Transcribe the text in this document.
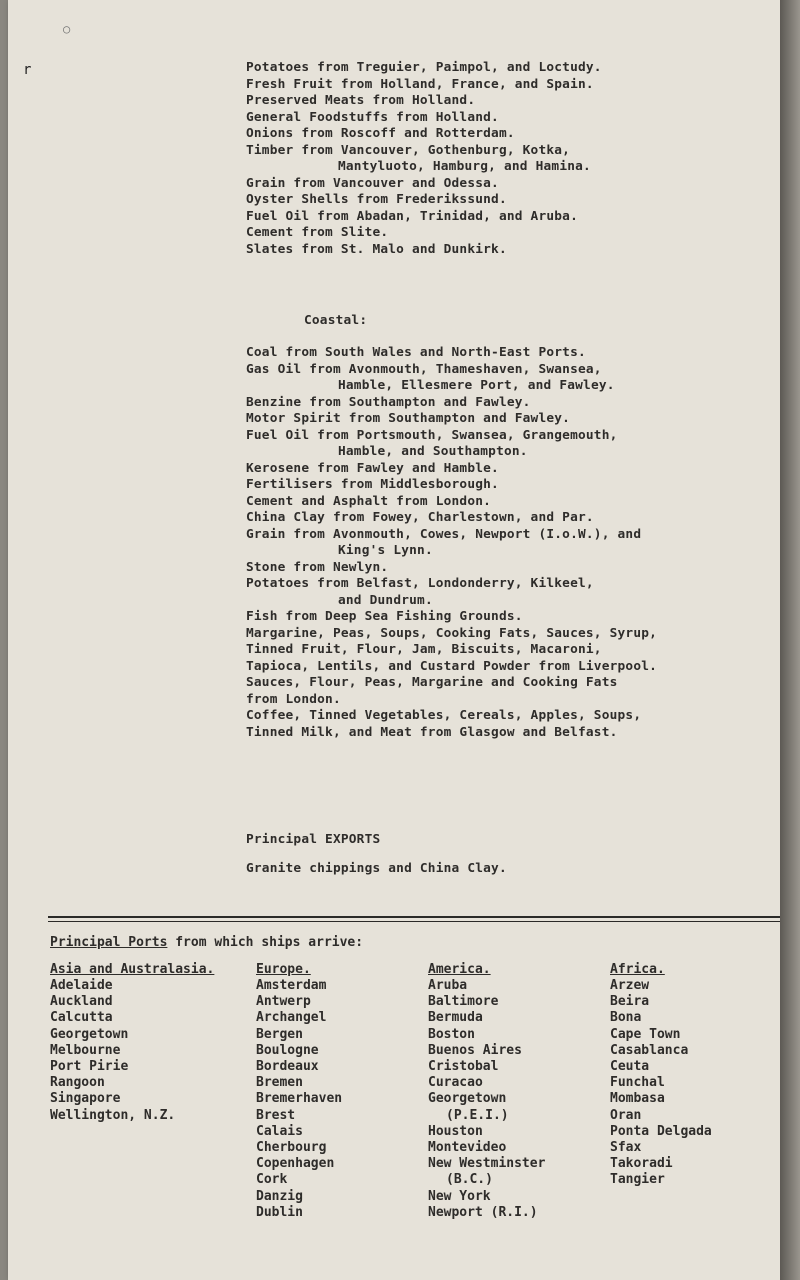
○
r	Potatoes from Treguier, Paimpol, and Loctudy.
Fresh Fruit from Holland, France, and Spain.
Preserved Meats from Holland.
General Foodstuffs from Holland.
Onions from Roscoff and Rotterdam.
Timber from Vancouver, Gothenburg, Kotka,
Mantyluoto, Hamburg, and Hamina.
Grain from Vancouver and Odessa.
Oyster Shells from Frederikssund.
Fuel Oil from Abadan, Trinidad, and Aruba.
Cement from Slite.
Slates from St. Malo and Dunkirk.
Coastal:
Coal from South Wales and North-East Ports.
Gas Oil from Avonmouth, Thameshaven, Swansea,
Hamble, Ellesmere Port, and Fawley.
Benzine from Southampton and Fawley.
Motor Spirit from Southampton and Fawley.
Fuel Oil from Portsmouth, Swansea, Grangemouth,
Hamble, and Southampton.
Kerosene from Fawley and Hamble.
Fertilisers from Middlesborough.
Cement and Asphalt from London.
China Clay from Fowey, Charlestown, and Par.
Grain from Avonmouth, Cowes, Newport (I.o.W.), and
King's Lynn.
Stone from Newlyn.
Potatoes from Belfast, Londonderry, Kilkeel,
and Dundrum.
Fish from Deep Sea Fishing Grounds.
Margarine, Peas, Soups, Cooking Fats, Sauces, Syrup,
Tinned Fruit, Flour, Jam, Biscuits, Macaroni,
Tapioca, Lentils, and Custard Powder from Liverpool.
Sauces, Flour, Peas, Margarine and Cooking Fats
from London.
Coffee, Tinned Vegetables, Cereals, Apples, Soups,
Tinned Milk, and Meat from Glasgow and Belfast.
Principal EXPORTS
Granite chippings and China Clay.
Principal Ports from which ships arrive:
Asia and Australasia.
Adelaide
Auckland
Calcutta
Georgetown
Melbourne
Port Pirie
Rangoon
Singapore
Wellington, N.Z.
Europe.
Amsterdam
Antwerp
Archangel
Bergen
Boulogne
Bordeaux
Bremen
Bremerhaven
Brest
Calais
Cherbourg
Copenhagen
Cork
Danzig
Dublin
America.
Aruba
Baltimore
Bermuda
Boston
Buenos Aires
Cristobal
Curacao
Georgetown
(P.E.I.)
Houston
Montevideo
New Westminster
(B.C.)
New York
Newport (R.I.)
Africa.
Arzew
Beira
Bona
Cape Town
Casablanca
Ceuta
Funchal
Mombasa
Oran
Ponta Delgada
Sfax
Takoradi
Tangier
